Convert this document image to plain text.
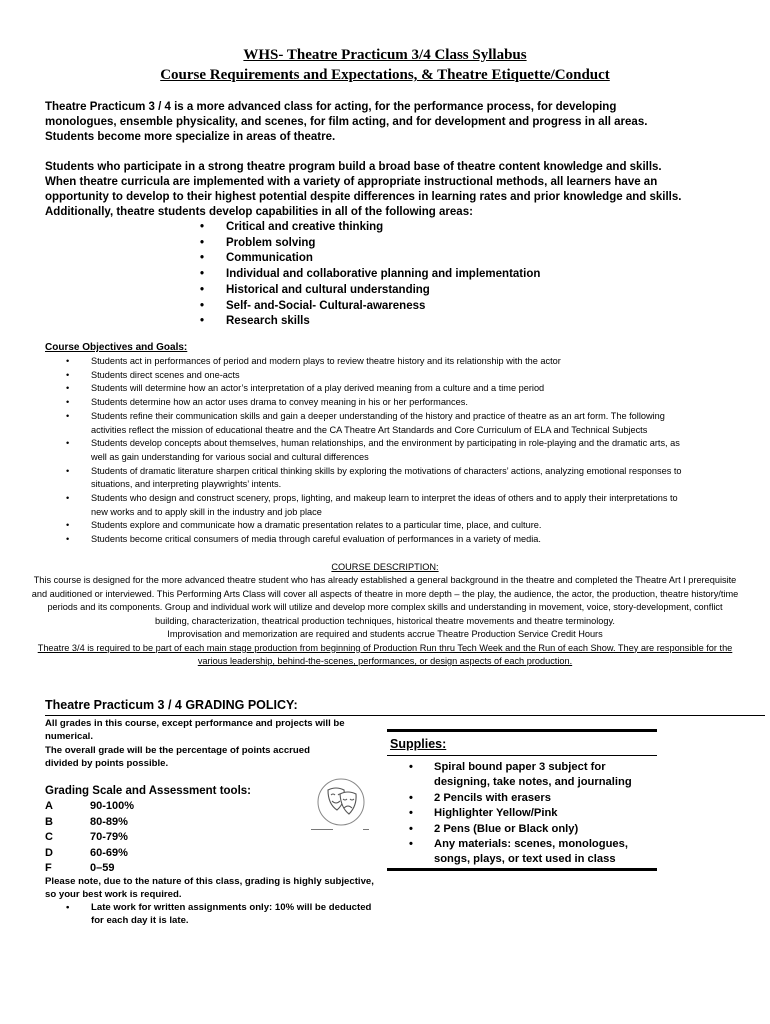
WHS- Theatre Practicum 3/4 Class Syllabus
Course Requirements and Expectations, & Theatre Etiquette/Conduct

Theatre Practicum 3 / 4 is a more advanced class for acting, for the performance process, for developing monologues, ensemble physicality, and scenes, for film acting, and for development and progress in all areas. Students become more specialize in areas of theatre.

Students who participate in a strong theatre program build a broad base of theatre content knowledge and skills. When theatre curricula are implemented with a variety of appropriate instructional methods, all learners have an opportunity to develop to their highest potential despite differences in learning rates and prior knowledge and skills. Additionally, theatre students develop capabilities in all of the following areas:

• Critical and creative thinking
• Problem solving
• Communication
• Individual and collaborative planning and implementation
• Historical and cultural understanding
• Self- and-Social- Cultural-awareness
• Research skills
Course Objectives and Goals:
• Students act in performances of period and modern plays to review theatre history and its relationship with the actor
• Students direct scenes and one-acts
• Students will determine how an actor’s interpretation of a play derived meaning from a culture and a time period
• Students determine how an actor uses drama to convey meaning in his or her performances.
• Students refine their communication skills and gain a deeper understanding of the history and practice of theatre as an art form. The following activities reflect the mission of educational theatre and the CA Theatre Art Standards and Core Curriculum of ELA and Technical Subjects
• Students develop concepts about themselves, human relationships, and the environment by participating in role-playing and the dramatic arts, as well as gain understanding for various social and cultural differences
• Students of dramatic literature sharpen critical thinking skills by exploring the motivations of characters’ actions, analyzing emotional responses to situations, and interpreting playwrights’ intents.
• Students who design and construct scenery, props, lighting, and makeup learn to interpret the ideas of others and to apply their interpretations to new works and to apply skill in the industry and job place
• Students explore and communicate how a dramatic presentation relates to a particular time, place, and culture.
• Students become critical consumers of media through careful evaluation of performances in a variety of media.
COURSE DESCRIPTION:

This course is designed for the more advanced theatre student who has already established a general background in the theatre and completed the Theatre Art I prerequisite and auditioned or interviewed. This Performing Arts Class will cover all aspects of theatre in more depth – the play, the audience, the actor, the production, theatre history/time periods and its components. Group and individual work will utilize and develop more complex skills and understanding in movement, voice, story-development, conflict building, characterization, theatrical production techniques, historical theatre movements and theatre terminology.
Improvisation and memorization are required and students accrue Theatre Production Service Credit Hours
Theatre 3/4 is required to be part of each main stage production from beginning of Production Run thru Tech Week and the Run of each Show. They are responsible for the various leadership, behind-the-scenes, performances, or design aspects of each production.

Theatre Practicum 3 / 4 GRADING POLICY:

All grades in this course, except performance and projects will be numerical.

The overall grade will be the percentage of points accrued divided by points possible.

Grading Scale and Assessment tools:
A	90-100%
B	80-89%
C	70-79%
D	60-69%
F	0–59

Please note, due to the nature of this class, grading is highly subjective, so your best work is required.

• Late work for written assignments only: 10% will be deducted for each day it is late.
Supplies:
• Spiral bound paper 3 subject for designing, take notes, and journaling
• 2 Pencils with erasers
• Highlighter Yellow/Pink
• 2 Pens (Blue or Black only)
• Any materials: scenes, monologues, songs, plays, or text used in class
